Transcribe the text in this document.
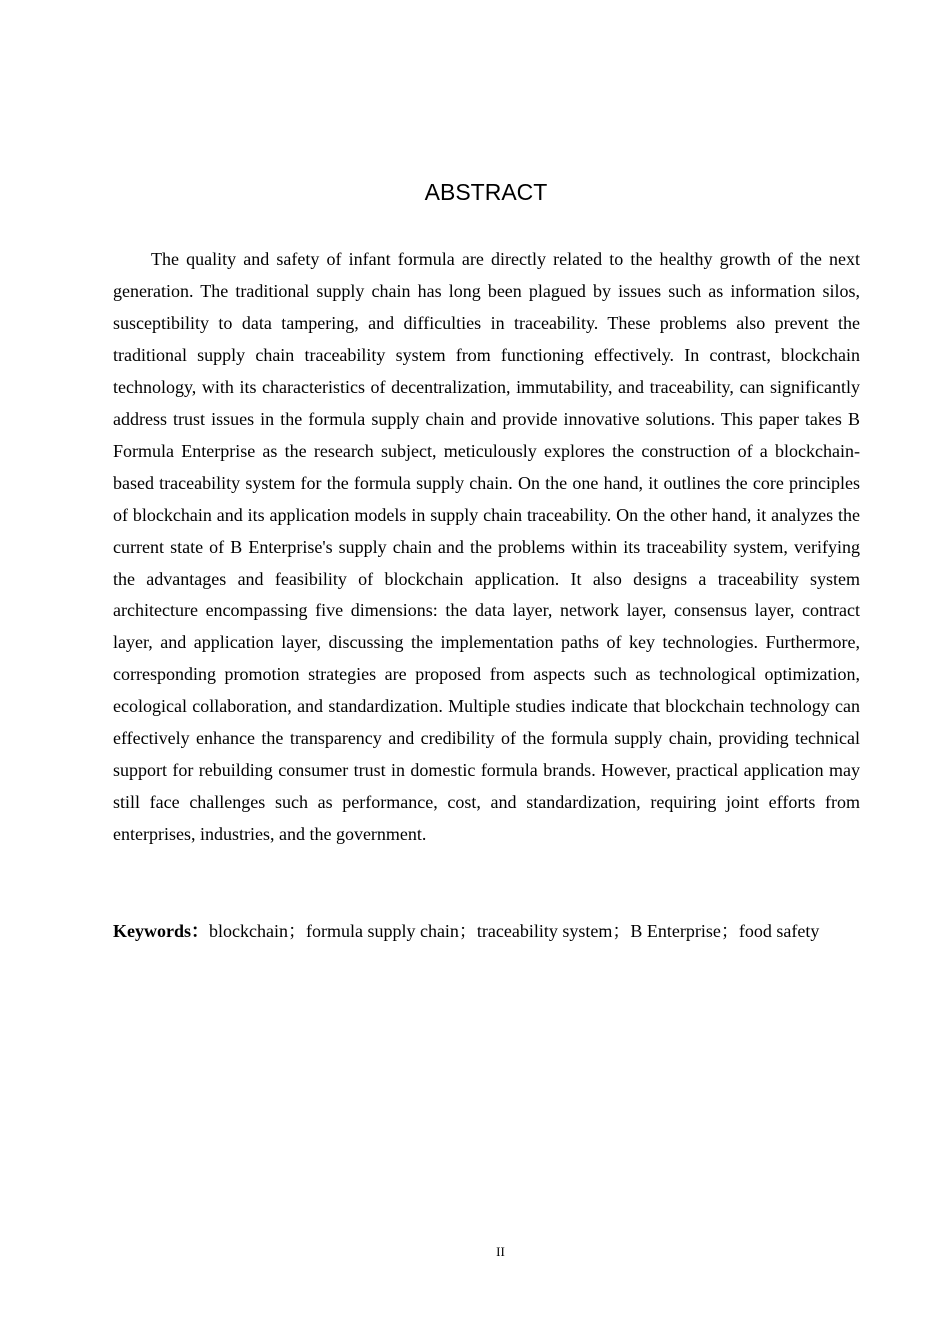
ABSTRACT

The quality and safety of infant formula are directly related to the healthy growth of the next generation. The traditional supply chain has long been plagued by issues such as information silos, susceptibility to data tampering, and difficulties in traceability. These problems also prevent the traditional supply chain traceability system from functioning effectively. In contrast, blockchain technology, with its characteristics of decentralization, immutability, and traceability, can significantly address trust issues in the formula supply chain and provide innovative solutions. This paper takes B Formula Enterprise as the research subject, meticulously explores the construction of a blockchain-based traceability system for the formula supply chain. On the one hand, it outlines the core principles of blockchain and its application models in supply chain traceability. On the other hand, it analyzes the current state of B Enterprise's supply chain and the problems within its traceability system, verifying the advantages and feasibility of blockchain application. It also designs a traceability system architecture encompassing five dimensions: the data layer, network layer, consensus layer, contract layer, and application layer, discussing the implementation paths of key technologies. Furthermore, corresponding promotion strategies are proposed from aspects such as technological optimization, ecological collaboration, and standardization. Multiple studies indicate that blockchain technology can effectively enhance the transparency and credibility of the formula supply chain, providing technical support for rebuilding consumer trust in domestic formula brands. However, practical application may still face challenges such as performance, cost, and standardization, requiring joint efforts from enterprises, industries, and the government.

Keywords：blockchain；formula supply chain；traceability system；B Enterprise；food safety

II
